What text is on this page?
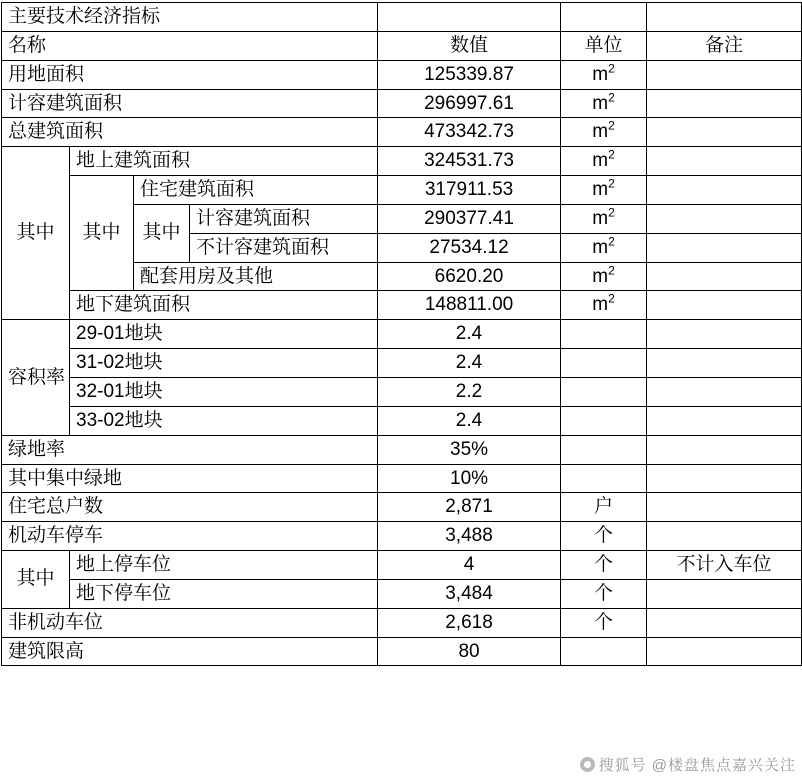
主要技术经济指标						
名称				数值	单位	备注
用地面积				125339.87	$m^2$	
计容建筑面积				296997.61	$m^2$	
总建筑面积				473342.73	$m^2$	
其中	地上建筑面积			324531.73	$m^2$	
	其中	住宅建筑面积		317911.53	$m^2$	
		其中	计容建筑面积	290377.41	$m^2$	
			不计容建筑面积	27534.12	$m^2$	
		配套用房及其他		6620.20	$m^2$	
	地下建筑面积			148811.00	$m^2$	
容积率	29-01地块			2.4		
	31-02地块			2.4		
	32-01地块			2.2		
	33-02地块			2.4		
绿地率				35%		
其中集中绿地				10%		
住宅总户数				2,871	户	
机动车停车				3,488	个	
其中	地上停车位			4	个	不计入车位
	地下停车位			3,484	个	
非机动车位				2,618	个	
建筑限高				80		
搜狐号 @楼盘焦点嘉兴关注
